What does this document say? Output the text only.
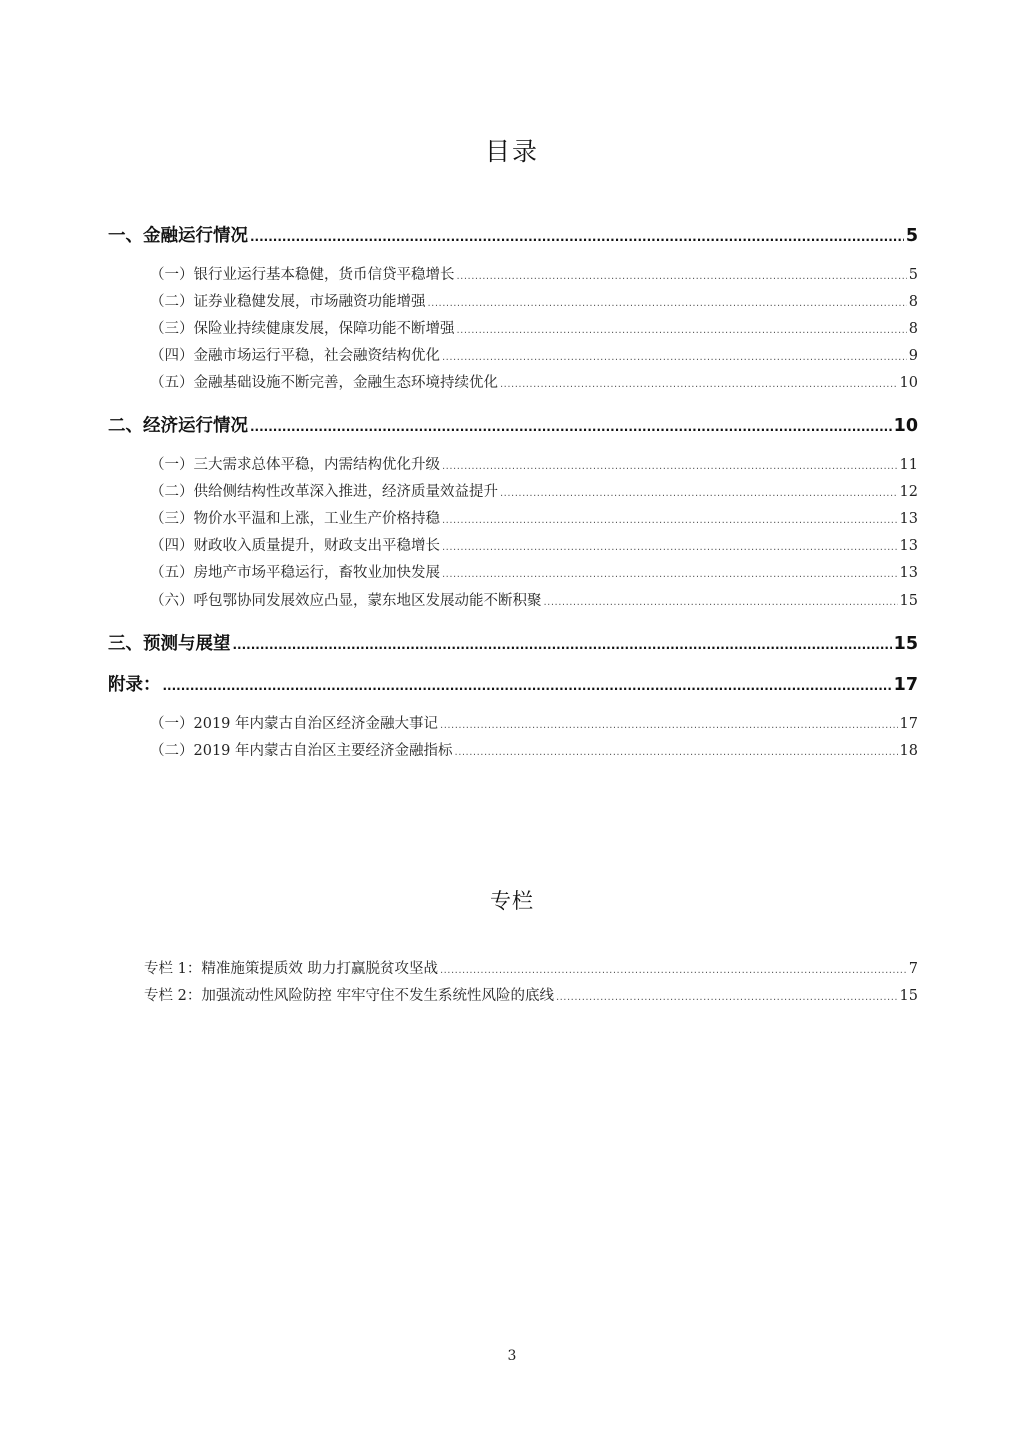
目录
一、金融运行情况 .....	5
（一）银行业运行基本稳健，货币信贷平稳增长 .....	5
（二）证券业稳健发展，市场融资功能增强 .....	8
（三）保险业持续健康发展，保障功能不断增强 .....	8
（四）金融市场运行平稳，社会融资结构优化 .....	9
（五）金融基础设施不断完善，金融生态环境持续优化 .....	10
二、经济运行情况 .....	10
（一）三大需求总体平稳，内需结构优化升级 .....	11
（二）供给侧结构性改革深入推进，经济质量效益提升 .....	12
（三）物价水平温和上涨，工业生产价格持稳 .....	13
（四）财政收入质量提升，财政支出平稳增长 .....	13
（五）房地产市场平稳运行，畜牧业加快发展 .....	13
（六）呼包鄂协同发展效应凸显，蒙东地区发展动能不断积聚 .....	15
三、预测与展望 .....	15
附录： .....	17
（一）2019 年内蒙古自治区经济金融大事记 .....	17
（二）2019 年内蒙古自治区主要经济金融指标 .....	18
专栏
专栏 1：精准施策提质效 助力打赢脱贫攻坚战 .....	7
专栏 2：加强流动性风险防控 牢牢守住不发生系统性风险的底线 .....	15
3
